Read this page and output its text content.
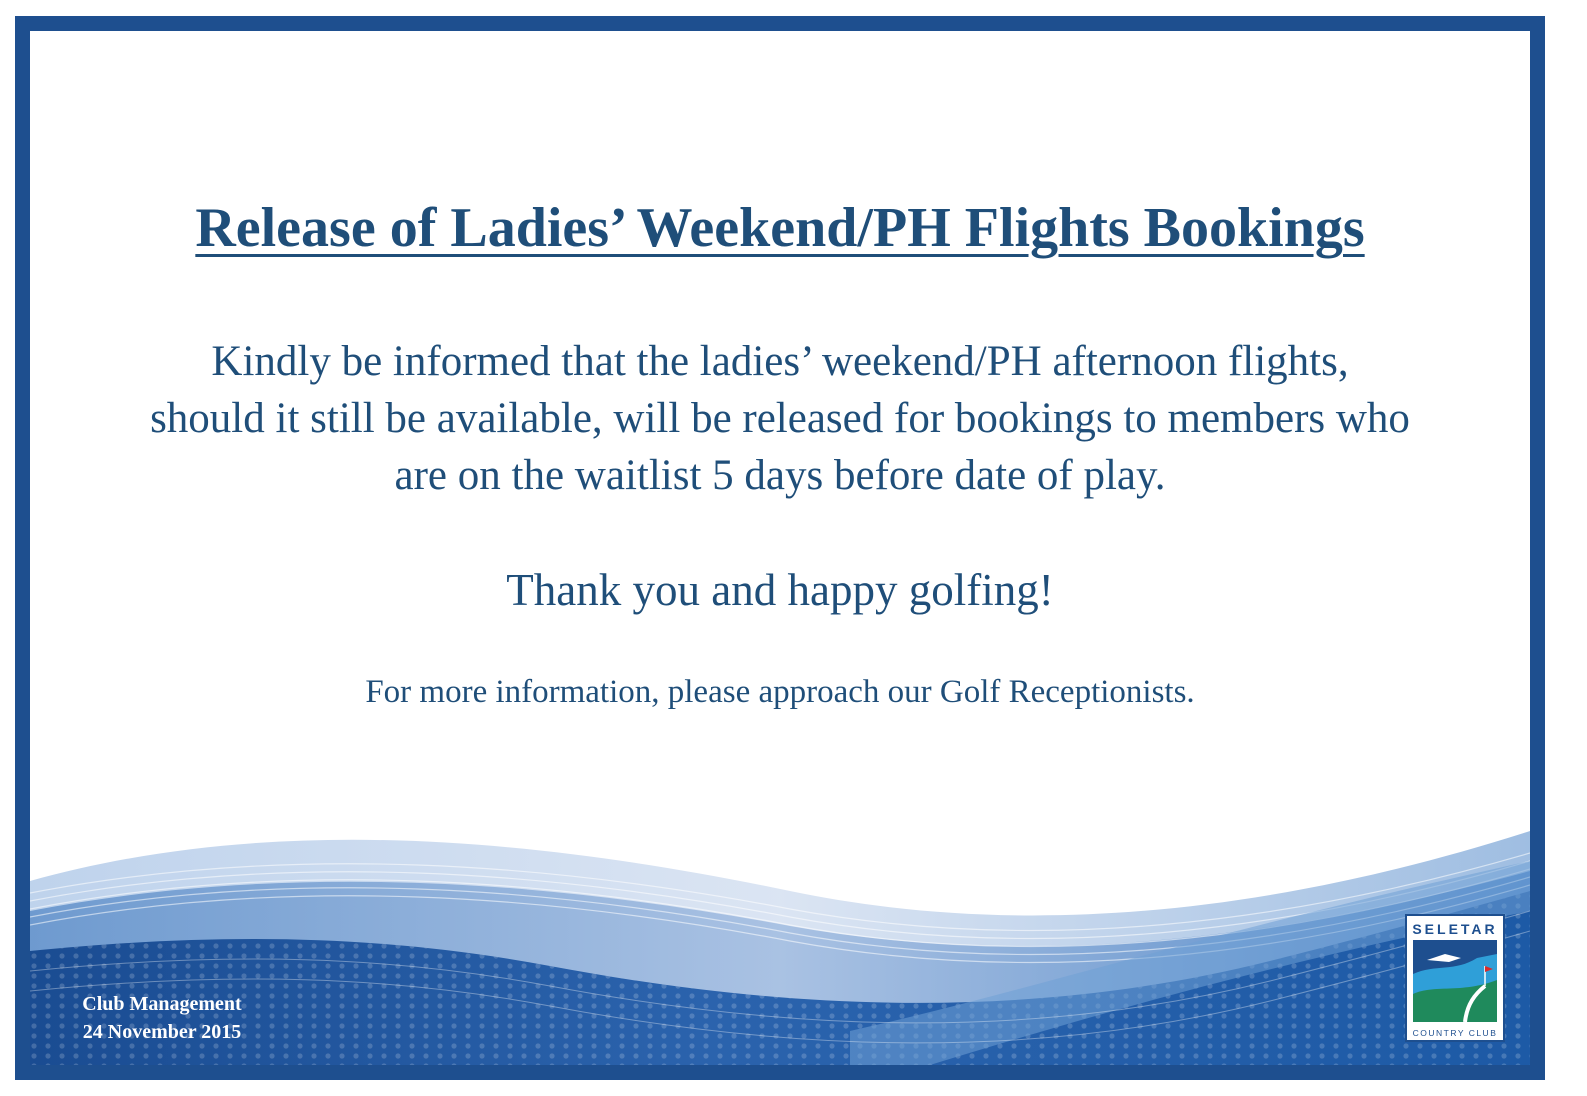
Release of Ladies’ Weekend/PH Flights Bookings

Kindly be informed that the ladies’ weekend/PH afternoon flights,

should it still be available, will be released for bookings to members who

are on the waitlist 5 days before date of play.

Thank you and happy golfing!

For more information, please approach our Golf Receptionists.

Club Management

24 November 2015

SELETAR
COUNTRY CLUB
